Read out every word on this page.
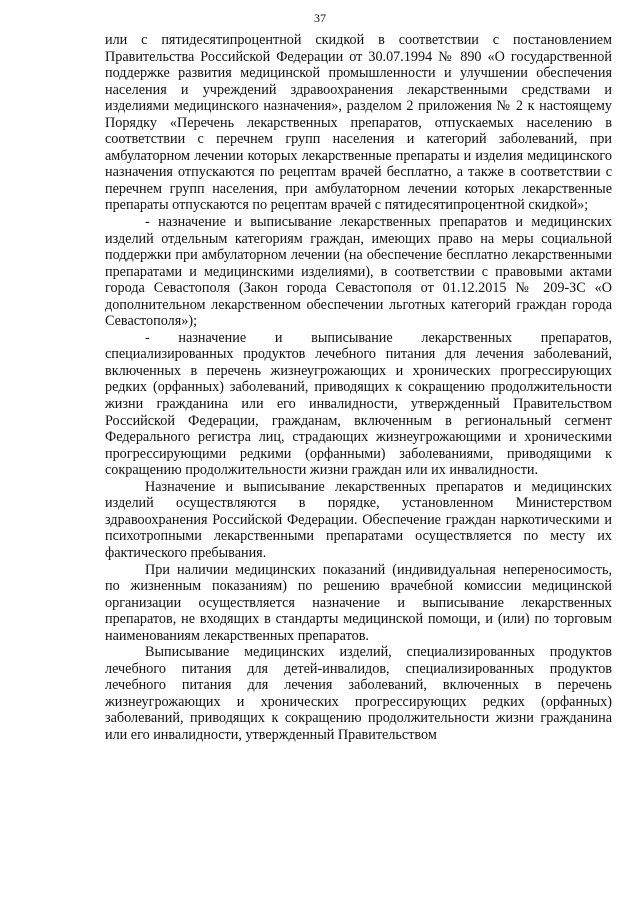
37

или с пятидесятипроцентной скидкой в соответствии с постановлением Правительства Российской Федерации от 30.07.1994 № 890 «О государственной поддержке развития медицинской промышленности и улучшении обеспечения населения и учреждений здравоохранения лекарственными средствами и изделиями медицинского назначения», разделом 2 приложения № 2 к настоящему Порядку «Перечень лекарственных препаратов, отпускаемых населению в соответствии с перечнем групп населения и категорий заболеваний, при амбулаторном лечении которых лекарственные препараты и изделия медицинского назначения отпускаются по рецептам врачей бесплатно, а также в соответствии с перечнем групп населения, при амбулаторном лечении которых лекарственные препараты отпускаются по рецептам врачей с пятидесятипроцентной скидкой»;

- назначение и выписывание лекарственных препаратов и медицинских изделий отдельным категориям граждан, имеющих право на меры социальной поддержки при амбулаторном лечении (на обеспечение бесплатно лекарственными препаратами и медицинскими изделиями), в соответствии с правовыми актами города Севастополя (Закон города Севастополя от 01.12.2015 № 209-ЗС «О дополнительном лекарственном обеспечении льготных категорий граждан города Севастополя»);

- назначение и выписывание лекарственных препаратов, специализированных продуктов лечебного питания для лечения заболеваний, включенных в перечень жизнеугрожающих и хронических прогрессирующих редких (орфанных) заболеваний, приводящих к сокращению продолжительности жизни гражданина или его инвалидности, утвержденный Правительством Российской Федерации, гражданам, включенным в региональный сегмент Федерального регистра лиц, страдающих жизнеугрожающими и хроническими прогрессирующими редкими (орфанными) заболеваниями, приводящими к сокращению продолжительности жизни граждан или их инвалидности.

Назначение и выписывание лекарственных препаратов и медицинских изделий осуществляются в порядке, установленном Министерством здравоохранения Российской Федерации. Обеспечение граждан наркотическими и психотропными лекарственными препаратами осуществляется по месту их фактического пребывания.

При наличии медицинских показаний (индивидуальная непереносимость, по жизненным показаниям) по решению врачебной комиссии медицинской организации осуществляется назначение и выписывание лекарственных препаратов, не входящих в стандарты медицинской помощи, и (или) по торговым наименованиям лекарственных препаратов.

Выписывание медицинских изделий, специализированных продуктов лечебного питания для детей-инвалидов, специализированных продуктов лечебного питания для лечения заболеваний, включенных в перечень жизнеугрожающих и хронических прогрессирующих редких (орфанных) заболеваний, приводящих к сокращению продолжительности жизни гражданина или его инвалидности, утвержденный Правительством
